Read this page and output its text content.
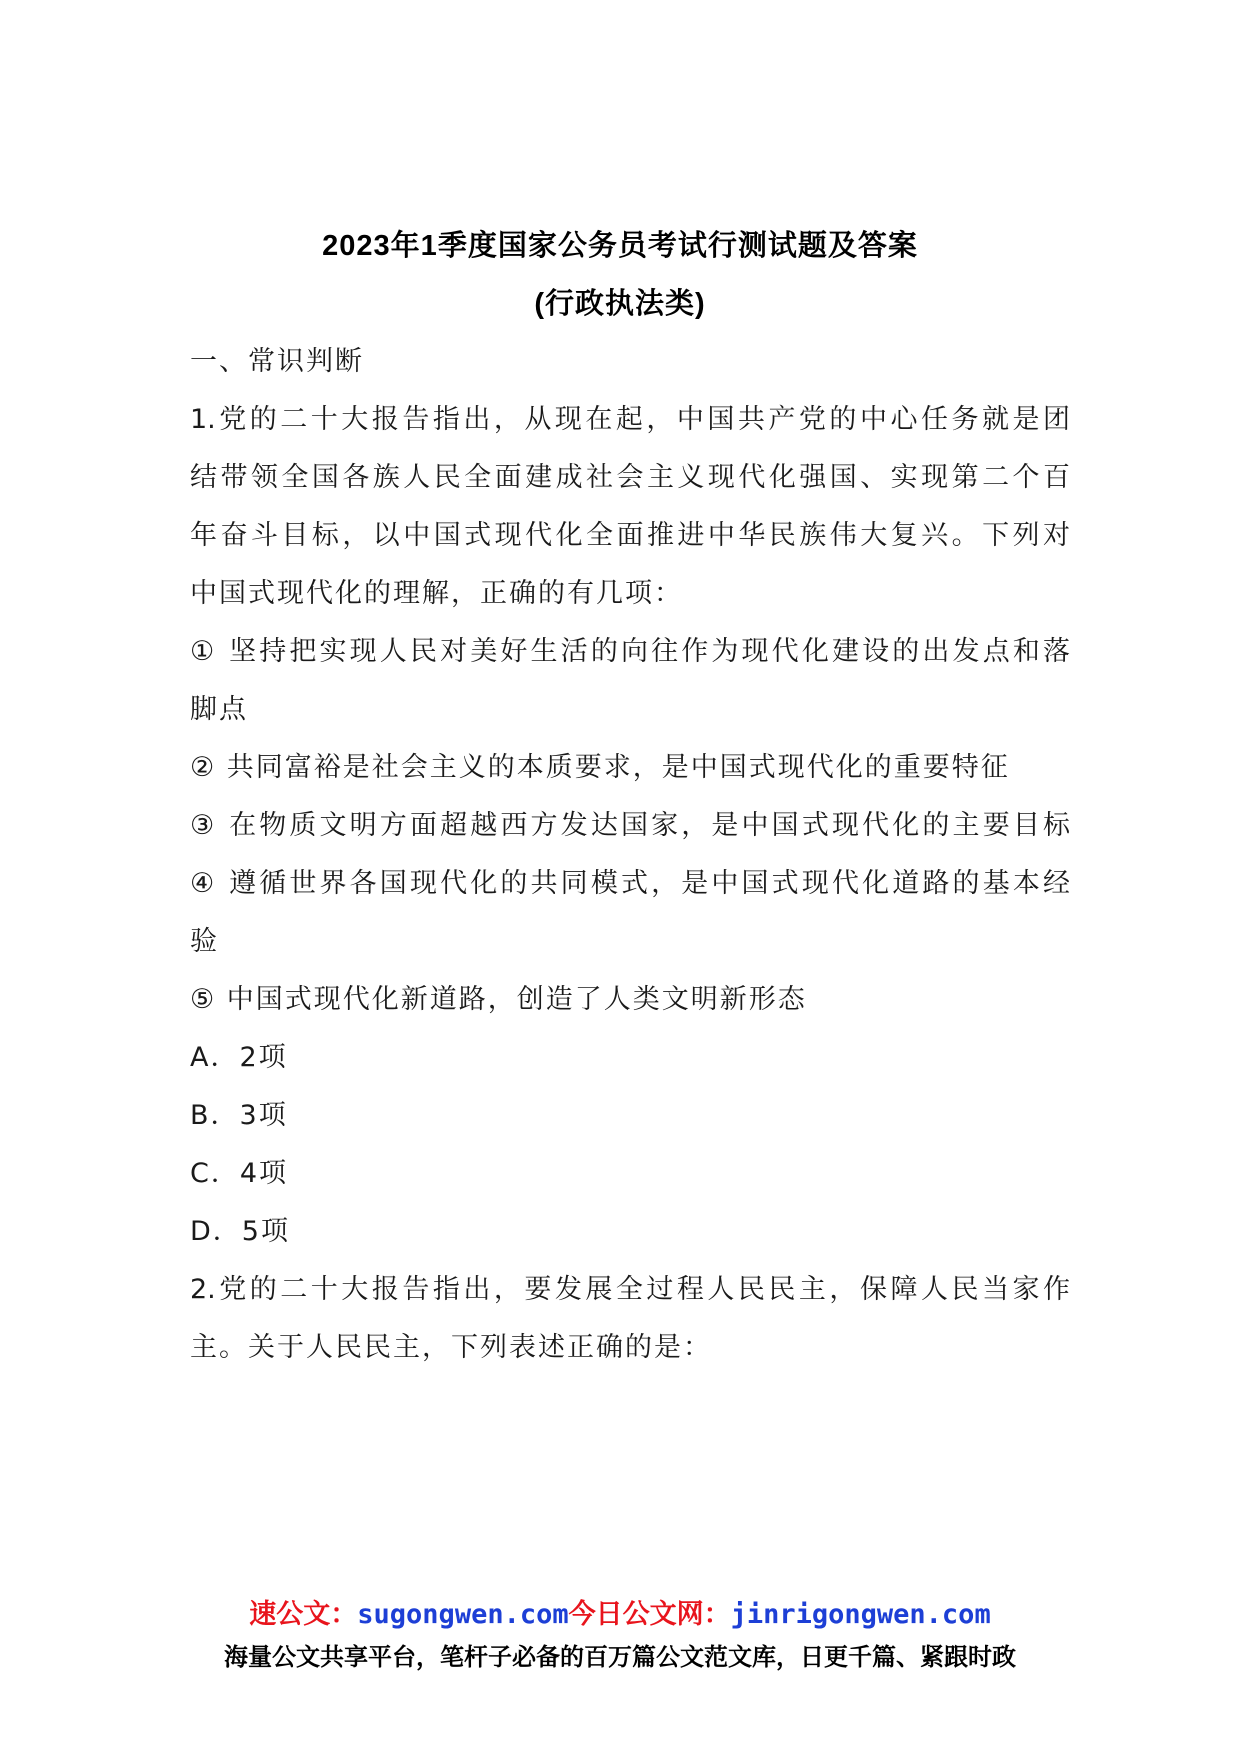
2023年1季度国家公务员考试行测试题及答案
(行政执法类)
一、常识判断
1.党的二十大报告指出，从现在起，中国共产党的中心任务就是团
结带领全国各族人民全面建成社会主义现代化强国、实现第二个百
年奋斗目标，以中国式现代化全面推进中华民族伟大复兴。下列对
中国式现代化的理解，正确的有几项：
① 坚持把实现人民对美好生活的向往作为现代化建设的出发点和落
脚点
② 共同富裕是社会主义的本质要求，是中国式现代化的重要特征
③ 在物质文明方面超越西方发达国家，是中国式现代化的主要目标
④ 遵循世界各国现代化的共同模式，是中国式现代化道路的基本经
验
⑤ 中国式现代化新道路，创造了人类文明新形态
A．2项
B．3项
C．4项
D．5项
2.党的二十大报告指出，要发展全过程人民民主，保障人民当家作
主。关于人民民主，下列表述正确的是：
速公文：sugongwen.com今日公文网：jinrigongwen.com
海量公文共享平台，笔杆子必备的百万篇公文范文库，日更千篇、紧跟时政
